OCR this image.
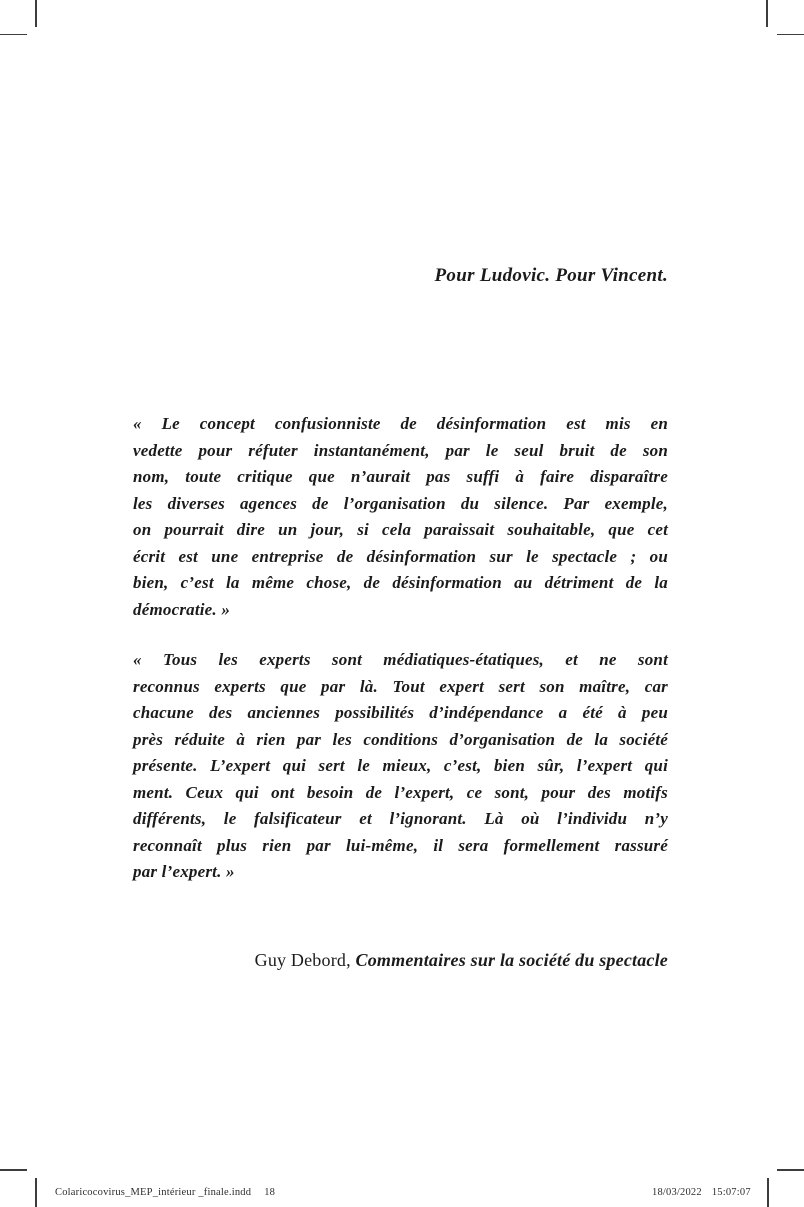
Pour Ludovic. Pour Vincent.
« Le concept confusionniste de désinformation est mis en
vedette pour réfuter instantanément, par le seul bruit de son
nom, toute critique que n’aurait pas suffi à faire disparaître
les diverses agences de l’organisation du silence. Par exemple,
on pourrait dire un jour, si cela paraissait souhaitable, que cet
écrit est une entreprise de désinformation sur le spectacle ; ou
bien, c’est la même chose, de désinformation au détriment de la
démocratie. »
« Tous les experts sont médiatiques-étatiques, et ne sont
reconnus experts que par là. Tout expert sert son maître, car
chacune des anciennes possibilités d’indépendance a été à peu
près réduite à rien par les conditions d’organisation de la société
présente. L’expert qui sert le mieux, c’est, bien sûr, l’expert qui
ment. Ceux qui ont besoin de l’expert, ce sont, pour des motifs
différents, le falsificateur et l’ignorant. Là où l’individu n’y
reconnaît plus rien par lui-même, il sera formellement rassuré
par l’expert. »
Guy Debord, Commentaires sur la société du spectacle
Colaricocovirus_MEP_intérieur _finale.indd 18	18/03/2022 15:07:07
